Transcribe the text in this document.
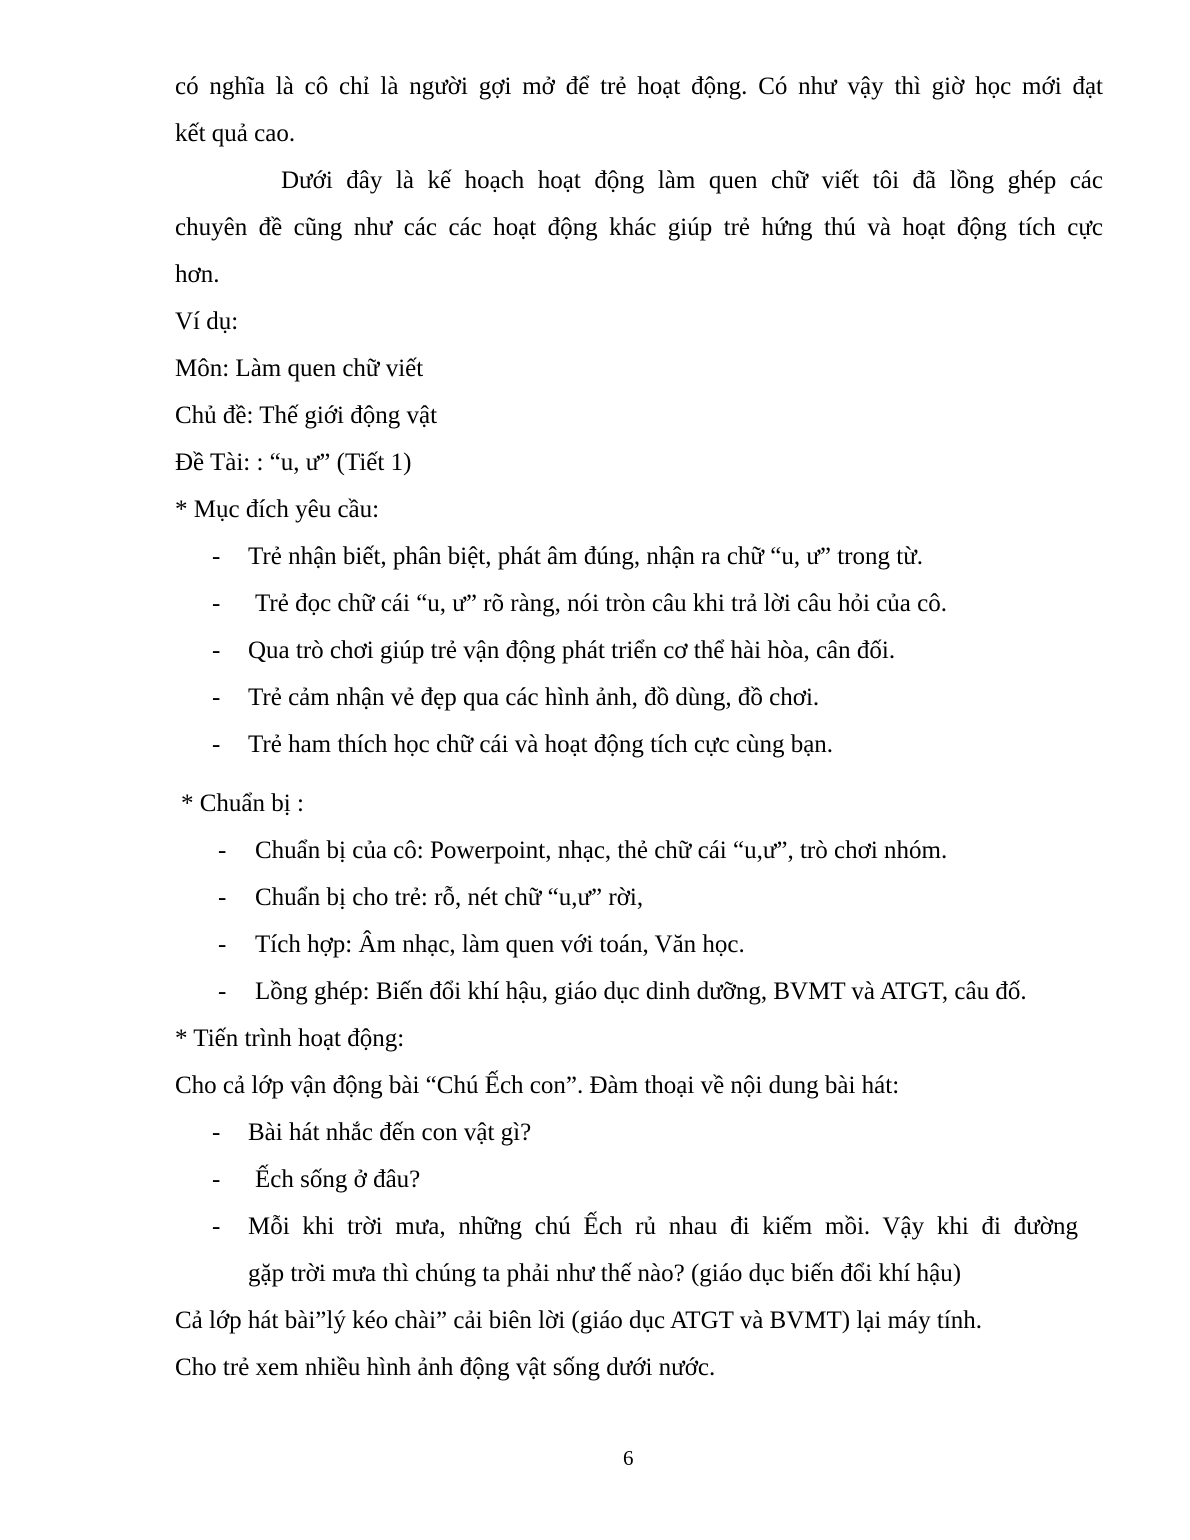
có nghĩa là cô chỉ là người gợi mở để trẻ hoạt động. Có như vậy thì giờ học mới đạt

kết quả cao.

Dưới đây là kế hoạch hoạt động làm quen chữ viết tôi đã lồng ghép các

chuyên đề cũng như các các hoạt động khác giúp trẻ hứng thú và hoạt động tích cực

hơn.

Ví dụ:

Môn: Làm quen chữ viết

Chủ đề: Thế giới động vật

Đề Tài: : “u, ư” (Tiết 1)

* Mục đích yêu cầu:

- Trẻ nhận biết, phân biệt, phát âm đúng, nhận ra chữ “u, ư” trong từ.

- Trẻ đọc chữ cái “u, ư” rõ ràng, nói tròn câu khi trả lời câu hỏi của cô.

- Qua trò chơi giúp trẻ vận động phát triển cơ thể hài hòa, cân đối.

- Trẻ cảm nhận vẻ đẹp qua các hình ảnh, đồ dùng, đồ chơi.

- Trẻ ham thích học chữ cái và hoạt động tích cực cùng bạn.

* Chuẩn bị :

- Chuẩn bị của cô: Powerpoint, nhạc, thẻ chữ cái “u,ư”, trò chơi nhóm.

- Chuẩn bị cho trẻ: rỗ, nét chữ “u,ư” rời,

- Tích hợp: Âm nhạc, làm quen với toán, Văn học.

- Lồng ghép: Biến đổi khí hậu, giáo dục dinh dưỡng, BVMT và ATGT, câu đố.

* Tiến trình hoạt động:

Cho cả lớp vận động bài “Chú Ếch con”. Đàm thoại về nội dung bài hát:

- Bài hát nhắc đến con vật gì?

- Ếch sống ở đâu?

- Mỗi khi trời mưa, những chú Ếch rủ nhau đi kiếm mồi. Vậy khi đi đường

gặp trời mưa thì chúng ta phải như thế nào? (giáo dục biến đổi khí hậu)

Cả lớp hát bài”lý kéo chài” cải biên lời (giáo dục ATGT và BVMT) lại máy tính.

Cho trẻ xem nhiều hình ảnh động vật sống dưới nước.

6
